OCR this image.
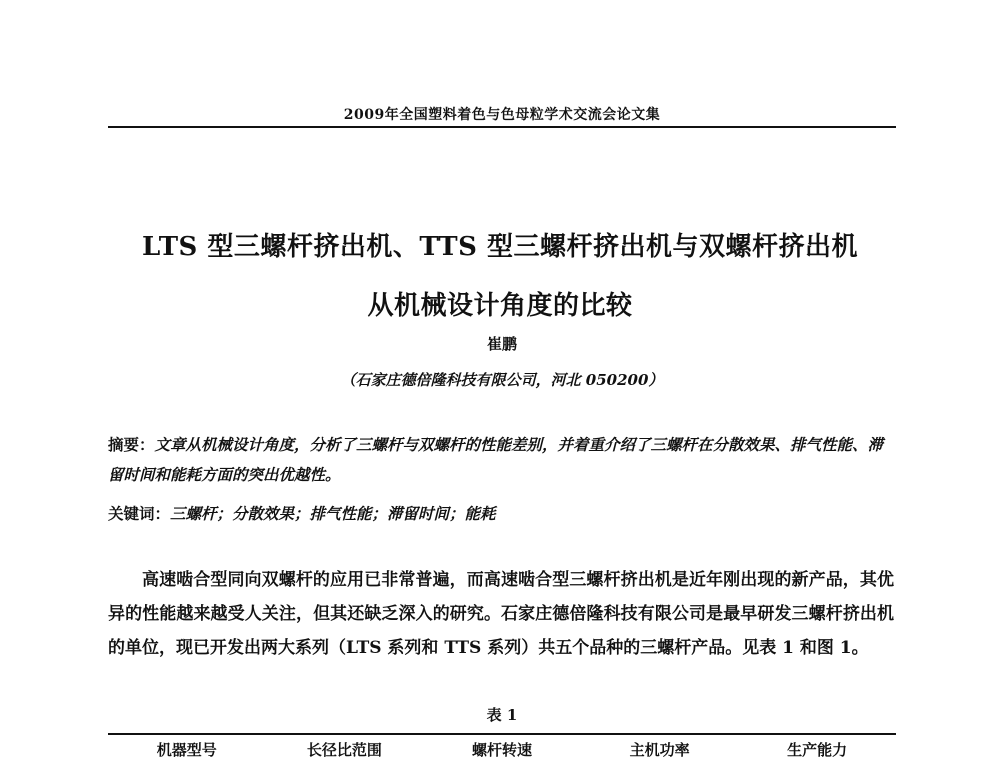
2009年全国塑料着色与色母粒学术交流会论文集
LTS 型三螺杆挤出机、TTS 型三螺杆挤出机与双螺杆挤出机
从机械设计角度的比较
崔鹏
（石家庄德倍隆科技有限公司，河北 050200）
摘要：文章从机械设计角度，分析了三螺杆与双螺杆的性能差别，并着重介绍了三螺杆在分散效果、排气性能、滞留时间和能耗方面的突出优越性。
关键词：三螺杆；分散效果；排气性能；滞留时间；能耗
高速啮合型同向双螺杆的应用已非常普遍，而高速啮合型三螺杆挤出机是近年刚出现的新产品，其优异的性能越来越受人关注，但其还缺乏深入的研究。石家庄德倍隆科技有限公司是最早研发三螺杆挤出机的单位，现已开发出两大系列（LTS 系列和 TTS 系列）共五个品种的三螺杆产品。见表 1 和图 1。
表 1
机器型号	长径比范围	螺杆转速	主机功率	生产能力
